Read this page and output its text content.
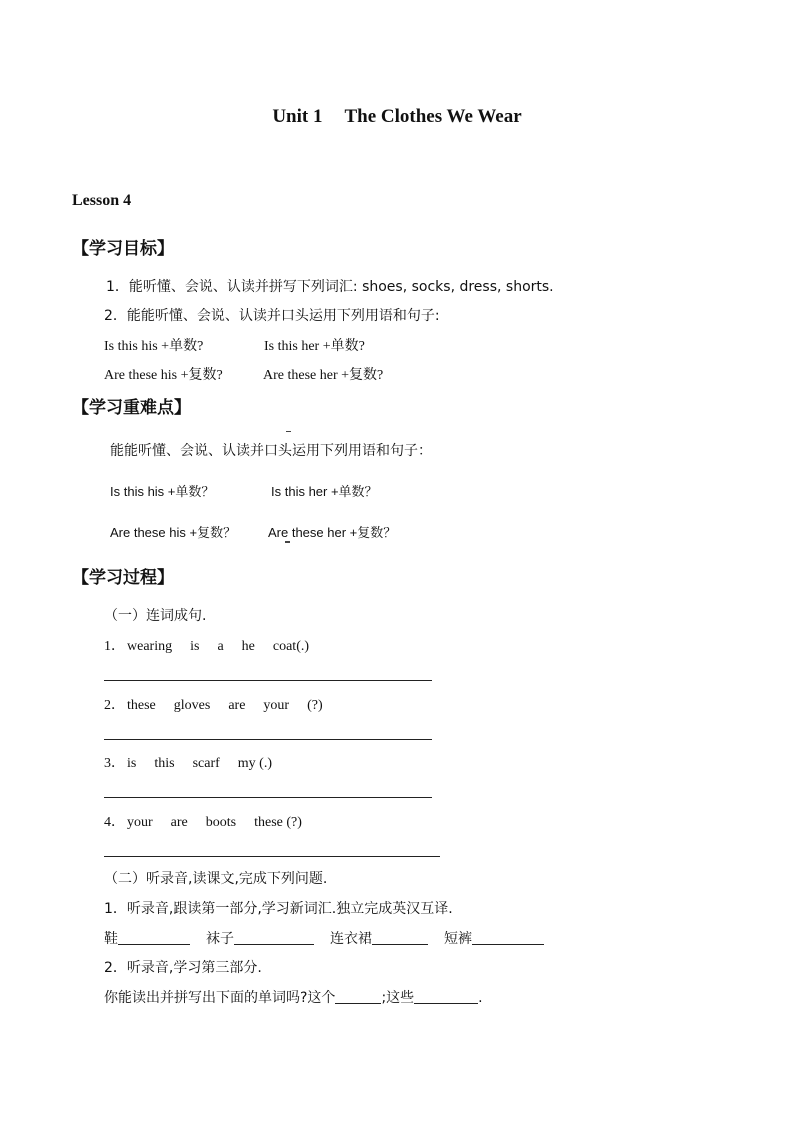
Unit 1 The Clothes We Wear
Lesson 4
【学习目标】
1．能听懂、会说、认读并拼写下列词汇: shoes, socks, dress, shorts.
2．能能听懂、会说、认读并口头运用下列用语和句子:
Is this his +单数?	Is this her +单数?
Are these his +复数?	Are these her +复数?
【学习重难点】
能能听懂、会说、认读并口头运用下列用语和句子：
Is this his +单数？	Is this her +单数？
Are these his +复数？ Are these her +复数？
【学习过程】
（一）连词成句.
1． wearing is a he coat(.)
2． these gloves are your (?)
3． is this scarf my (.)
4． your are boots these (?)
（二）听录音,读课文,完成下列问题.
1．听录音,跟读第一部分,学习新词汇.独立完成英汉互译.
鞋	袜子	连衣裙	短裤
2．听录音,学习第三部分.
你能读出并拼写出下面的单词吗?这个	;这些	.
